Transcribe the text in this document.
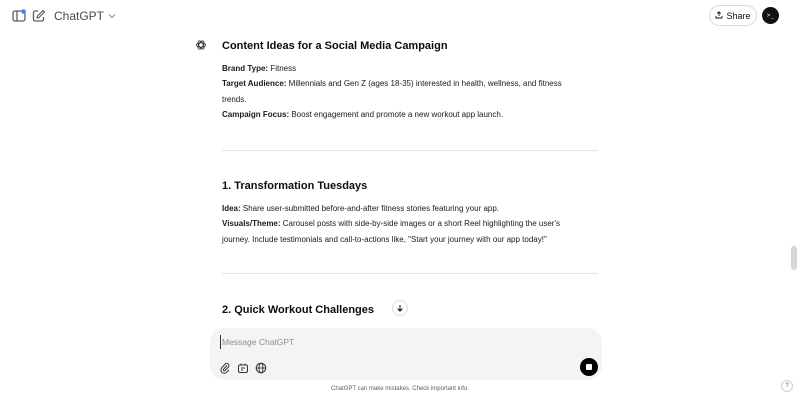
ChatGPT	Share	>_
Content Ideas for a Social Media Campaign
Brand Type: Fitness
Target Audience: Millennials and Gen Z (ages 18-35) interested in health, wellness, and fitness trends.
Campaign Focus: Boost engagement and promote a new workout app launch.
1. Transformation Tuesdays
Idea: Share user-submitted before-and-after fitness stories featuring your app.
Visuals/Theme: Carousel posts with side-by-side images or a short Reel highlighting the user's journey. Include testimonials and call-to-actions like, "Start your journey with our app today!"
2. Quick Workout Challenges
Message ChatGPT
ChatGPT can make mistakes. Check important info.	?
